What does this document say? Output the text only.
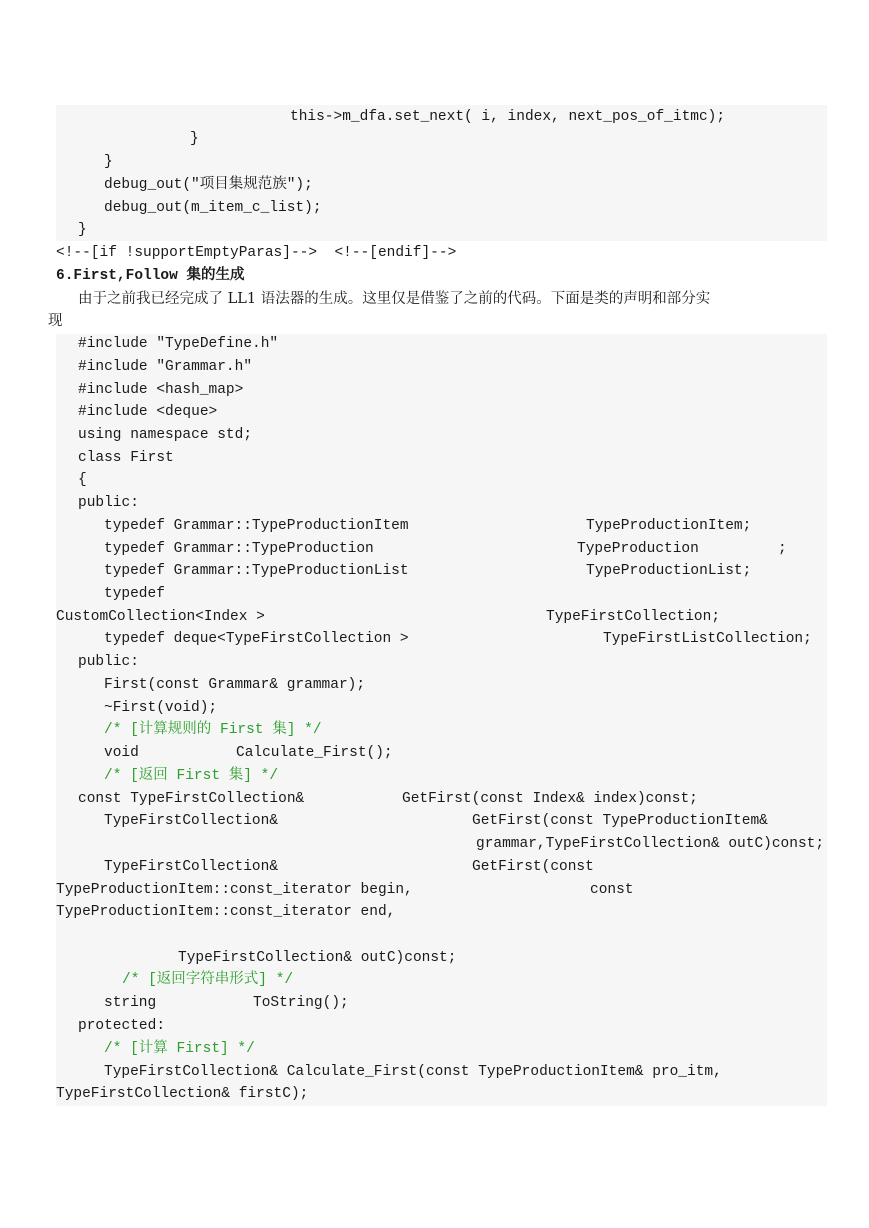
this->m_dfa.set_next( i, index, next_pos_of_itmc);
}
}
debug_out("项目集规范族");
debug_out(m_item_c_list);
}
<!--[if !supportEmptyParas]-->  <!--[endif]-->
6.First,Follow 集的生成
由于之前我已经完成了 LL1 语法器的生成。这里仅是借鉴了之前的代码。下面是类的声明和部分实
现
#include "TypeDefine.h"
#include "Grammar.h"
#include <hash_map>
#include <deque>
using namespace std;
class First
{
public:
typedef Grammar::TypeProductionItem	TypeProductionItem;
typedef Grammar::TypeProduction	TypeProduction	;
typedef Grammar::TypeProductionList	TypeProductionList;
typedef
CustomCollection<Index >	TypeFirstCollection;
typedef deque<TypeFirstCollection >	TypeFirstListCollection;
public:
First(const Grammar& grammar);
~First(void);
/* [计算规则的 First 集] */
void	Calculate_First();
/* [返回 First 集] */
const TypeFirstCollection&	GetFirst(const Index& index)const;
TypeFirstCollection&	GetFirst(const TypeProductionItem&
grammar,TypeFirstCollection& outC)const;
TypeFirstCollection&	GetFirst(const
TypeProductionItem::const_iterator begin,	const
TypeProductionItem::const_iterator end,
TypeFirstCollection& outC)const;
/* [返回字符串形式] */
string	ToString();
protected:
/* [计算 First] */
TypeFirstCollection& Calculate_First(const TypeProductionItem& pro_itm,
TypeFirstCollection& firstC);
